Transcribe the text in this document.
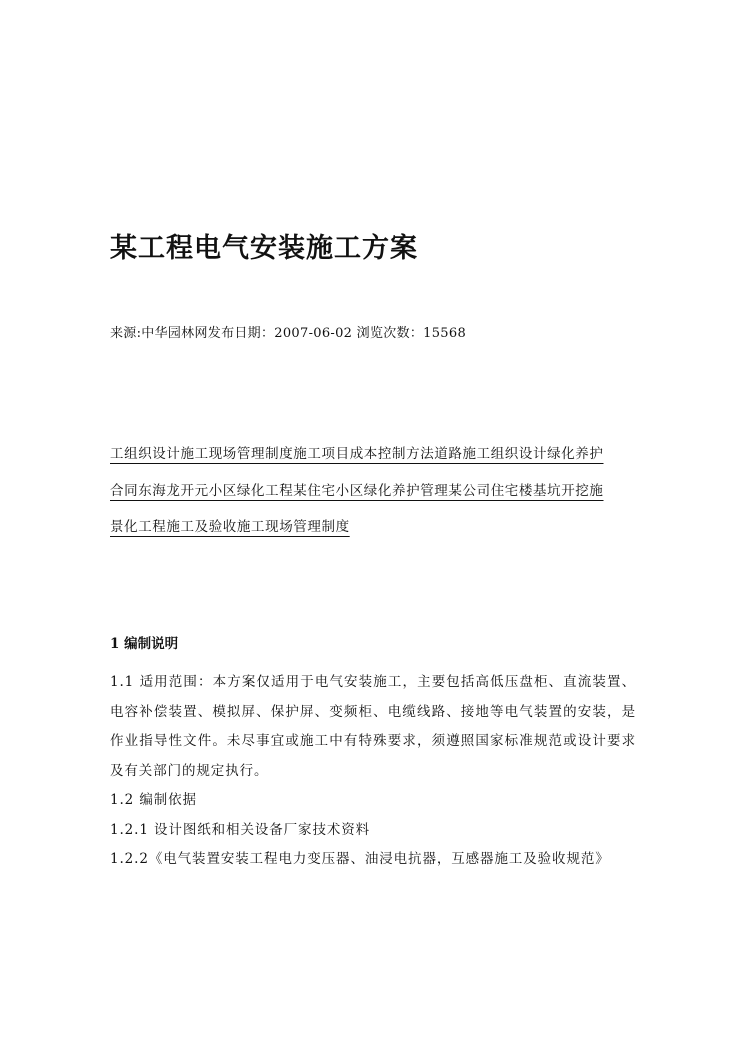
某工程电气安装施工方案
来源:中华园林网发布日期：2007-06-02 浏览次数：15568
工组织设计施工现场管理制度施工项目成本控制方法道路施工组织设计绿化养护
合同东海龙开元小区绿化工程某住宅小区绿化养护管理某公司住宅楼基坑开挖施
景化工程施工及验收施工现场管理制度
1 编制说明

1.1 适用范围：本方案仅适用于电气安装施工，主要包括高低压盘柜、直流装置、电容补偿装置、模拟屏、保护屏、变频柜、电缆线路、接地等电气装置的安装，是作业指导性文件。未尽事宜或施工中有特殊要求，须遵照国家标准规范或设计要求及有关部门的规定执行。

1.2 编制依据
1.2.1 设计图纸和相关设备厂家技术资料
1.2.2《电气装置安装工程电力变压器、油浸电抗器，互感器施工及验收规范》
